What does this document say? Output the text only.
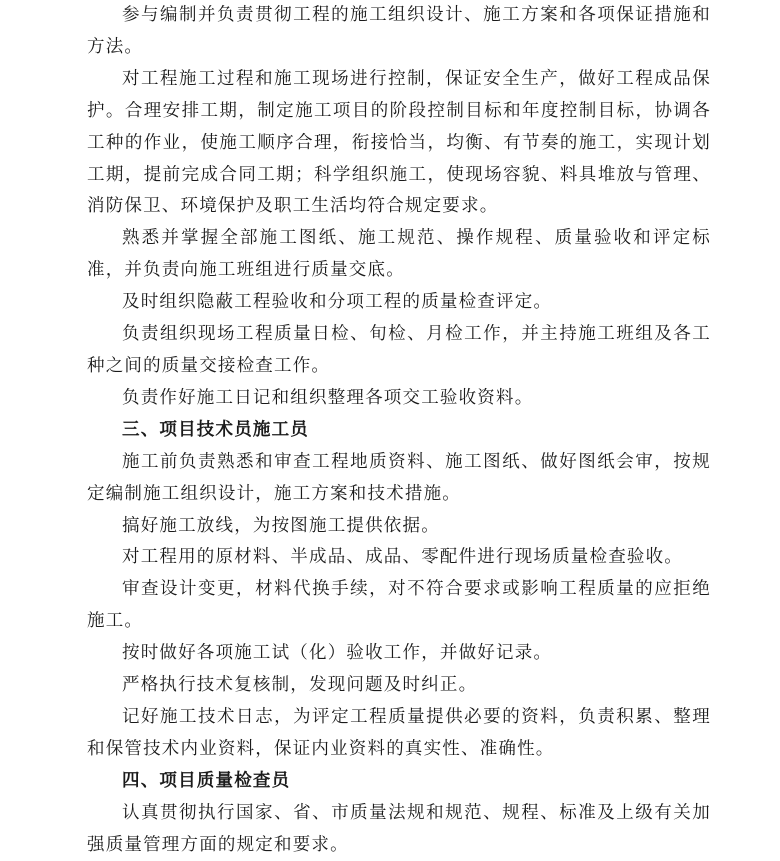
参与编制并负责贯彻工程的施工组织设计、施工方案和各项保证措施和方法。

对工程施工过程和施工现场进行控制，保证安全生产，做好工程成品保护。合理安排工期，制定施工项目的阶段控制目标和年度控制目标，协调各工种的作业，使施工顺序合理，衔接恰当，均衡、有节奏的施工，实现计划工期，提前完成合同工期；科学组织施工，使现场容貌、料具堆放与管理、消防保卫、环境保护及职工生活均符合规定要求。

熟悉并掌握全部施工图纸、施工规范、操作规程、质量验收和评定标准，并负责向施工班组进行质量交底。

及时组织隐蔽工程验收和分项工程的质量检查评定。

负责组织现场工程质量日检、旬检、月检工作，并主持施工班组及各工种之间的质量交接检查工作。

负责作好施工日记和组织整理各项交工验收资料。

三、项目技术员施工员

施工前负责熟悉和审查工程地质资料、施工图纸、做好图纸会审，按规定编制施工组织设计，施工方案和技术措施。

搞好施工放线，为按图施工提供依据。

对工程用的原材料、半成品、成品、零配件进行现场质量检查验收。

审查设计变更，材料代换手续，对不符合要求或影响工程质量的应拒绝施工。

按时做好各项施工试（化）验收工作，并做好记录。

严格执行技术复核制，发现问题及时纠正。

记好施工技术日志，为评定工程质量提供必要的资料，负责积累、整理和保管技术内业资料，保证内业资料的真实性、准确性。

四、项目质量检查员

认真贯彻执行国家、省、市质量法规和规范、规程、标准及上级有关加强质量管理方面的规定和要求。
